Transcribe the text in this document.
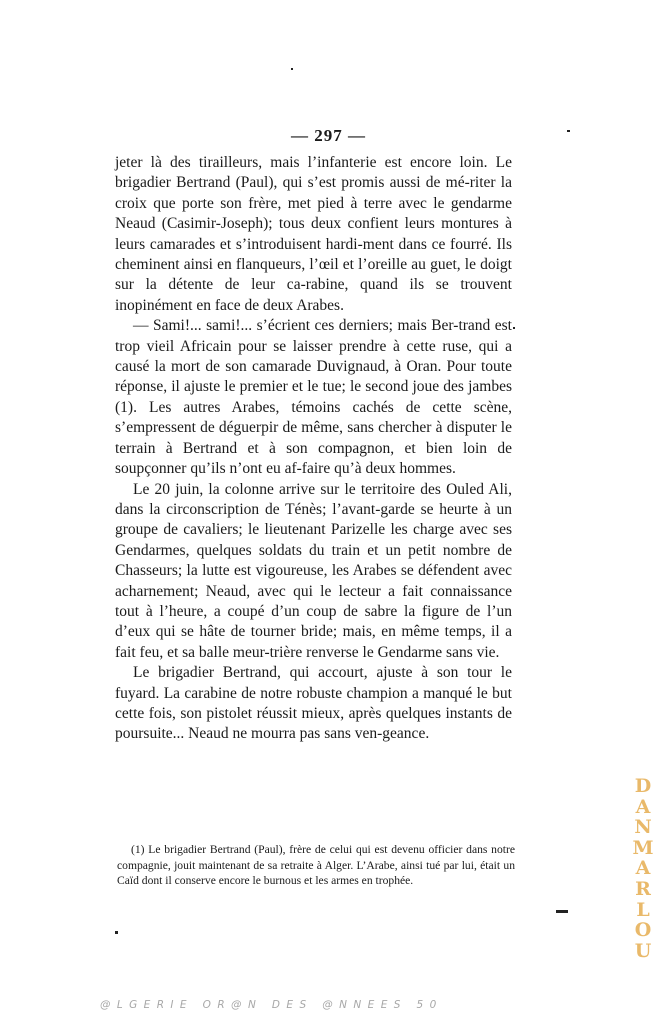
— 297 —

jeter là des tirailleurs, mais l’infanterie est encore loin. Le brigadier Bertrand (Paul), qui s’est promis aussi de mé-riter la croix que porte son frère, met pied à terre avec le gendarme Neaud (Casimir-Joseph); tous deux confient leurs montures à leurs camarades et s’introduisent hardi-ment dans ce fourré. Ils cheminent ainsi en flanqueurs, l’œil et l’oreille au guet, le doigt sur la détente de leur ca-rabine, quand ils se trouvent inopinément en face de deux Arabes.

— Sami!... sami!... s’écrient ces derniers; mais Ber-trand est trop vieil Africain pour se laisser prendre à cette ruse, qui a causé la mort de son camarade Duvignaud, à Oran. Pour toute réponse, il ajuste le premier et le tue; le second joue des jambes (1). Les autres Arabes, témoins cachés de cette scène, s’empressent de déguerpir de même, sans chercher à disputer le terrain à Bertrand et à son compagnon, et bien loin de soupçonner qu’ils n’ont eu af-faire qu’à deux hommes.

Le 20 juin, la colonne arrive sur le territoire des Ouled Ali, dans la circonscription de Ténès; l’avant-garde se heurte à un groupe de cavaliers; le lieutenant Parizelle les charge avec ses Gendarmes, quelques soldats du train et un petit nombre de Chasseurs; la lutte est vigoureuse, les Arabes se défendent avec acharnement; Neaud, avec qui le lecteur a fait connaissance tout à l’heure, a coupé d’un coup de sabre la figure de l’un d’eux qui se hâte de tourner bride; mais, en même temps, il a fait feu, et sa balle meur-trière renverse le Gendarme sans vie.

Le brigadier Bertrand, qui accourt, ajuste à son tour le fuyard. La carabine de notre robuste champion a manqué le but cette fois, son pistolet réussit mieux, après quelques instants de poursuite... Neaud ne mourra pas sans ven-geance.

(1) Le brigadier Bertrand (Paul), frère de celui qui est devenu officier dans notre compagnie, jouit maintenant de sa retraite à Alger. L’Arabe, ainsi tué par lui, était un Caïd dont il conserve encore le burnous et les armes en trophée.

D
A
N
M
A
R
L
O
U
@LGERIE OR@N DES @NNEES 50
